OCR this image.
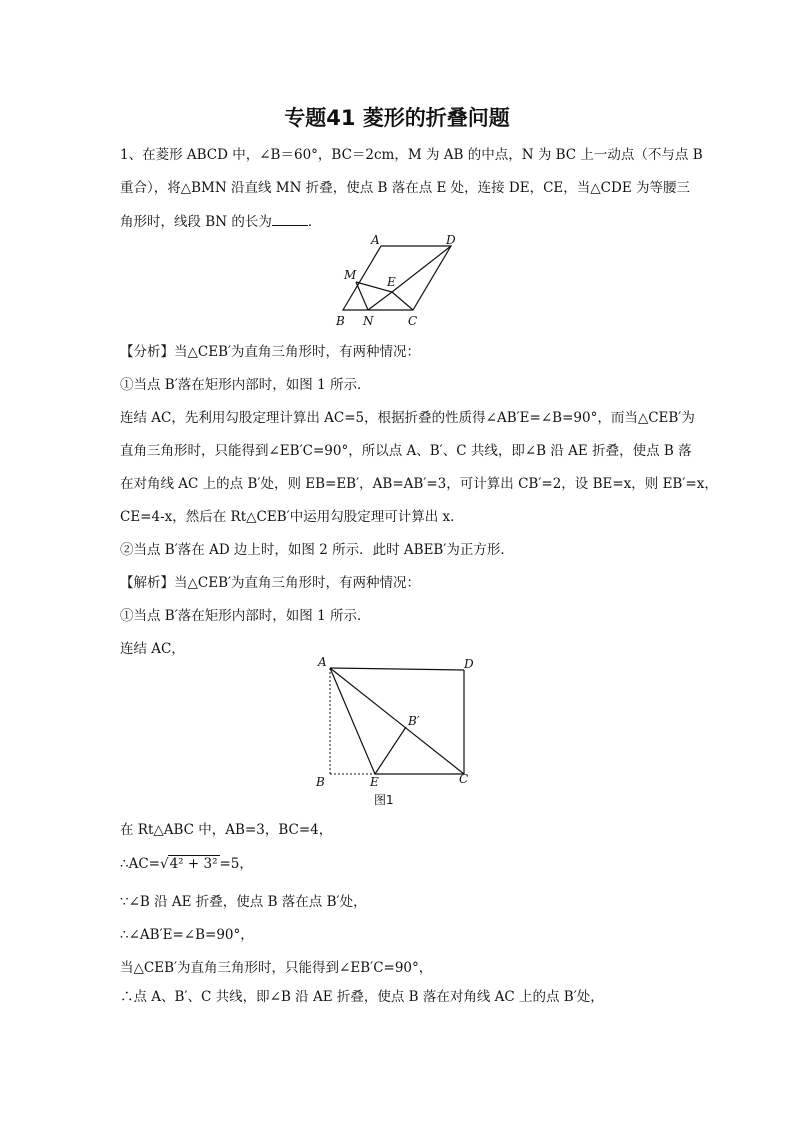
专题41 菱形的折叠问题
1、在菱形 ABCD 中，∠B＝60°，BC＝2cm，M 为 AB 的中点，N 为 BC 上一动点（不与点 B
重合），将△BMN 沿直线 MN 折叠，使点 B 落在点 E 处，连接 DE，CE，当△CDE 为等腰三
角形时，线段 BN 的长为	．
A	D
M	E
B N	C
【分析】当△CEB′为直角三角形时，有两种情况：
①当点 B′落在矩形内部时，如图 1 所示．
连结 AC，先利用勾股定理计算出 AC=5，根据折叠的性质得∠AB′E=∠B=90°，而当△CEB′为
直角三角形时，只能得到∠EB′C=90°，所以点 A、B′、C 共线，即∠B 沿 AE 折叠，使点 B 落
在对角线 AC 上的点 B′处，则 EB=EB′，AB=AB′=3，可计算出 CB′=2，设 BE=x，则 EB′=x，
CE=4-x，然后在 Rt△CEB′中运用勾股定理可计算出 x．
②当点 B′落在 AD 边上时，如图 2 所示．此时 ABEB′为正方形．
【解析】当△CEB′为直角三角形时，有两种情况：
①当点 B′落在矩形内部时，如图 1 所示．
连结 AC，
A	D
B′
B	E	C
图1
在 Rt△ABC 中，AB=3，BC=4，
∴AC=√4² + 3² =5，
∵∠B 沿 AE 折叠，使点 B 落在点 B′处，
∴∠AB′E=∠B=90°，
当△CEB′为直角三角形时，只能得到∠EB′C=90°，
∴点 A、B′、C 共线，即∠B 沿 AE 折叠，使点 B 落在对角线 AC 上的点 B′处，
